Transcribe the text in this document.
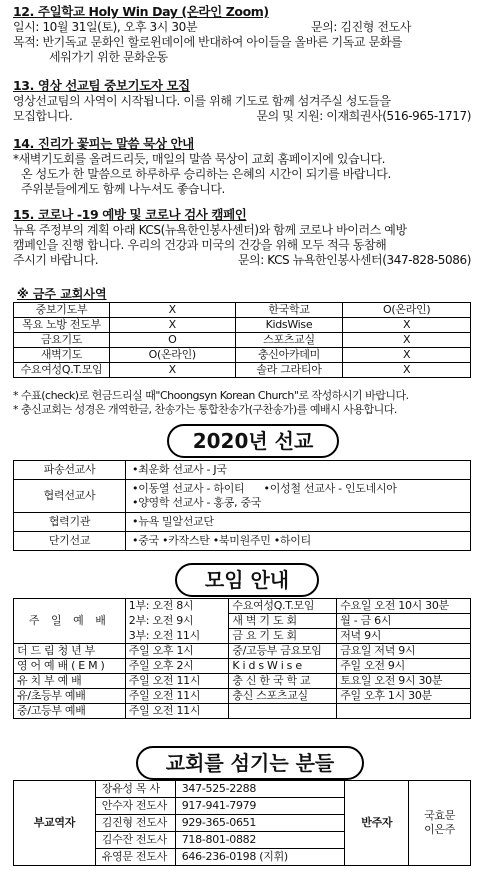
12. 주일학교 Holy Win Day (온라인 Zoom)
일시: 10월 31일(토), 오후 3시 30분	문의: 김진형 전도사
목적: 반기독교 문화인 할로윈데이에 반대하여 아이들을 올바른 기독교 문화를
세워가기 위한 문화운동
13. 영상 선교팀 중보기도자 모집
영상선교팀의 사역이 시작됩니다. 이를 위해 기도로 함께 섬겨주실 성도들을
모집합니다.	문의 및 지원: 이재희권사(516-965-1717)
14. 진리가 꽃피는 말씀 묵상 안내
*새벽기도회를 올려드리듯, 매일의 말씀 묵상이 교회 홈페이지에 있습니다.
온 성도가 한 말씀으로 하루하루 승리하는 은혜의 시간이 되기를 바랍니다.
주위분들에게도 함께 나누셔도 좋습니다.
15. 코로나 -19 예방 및 코로나 검사 캠페인
뉴욕 주정부의 계획 아래 KCS(뉴욕한인봉사센터)와 함께 코로나 바이러스 예방
캠페인을 진행 합니다. 우리의 건강과 미국의 건강을 위해 모두 적극 동참해
주시기 바랍니다.	문의: KCS 뉴욕한인봉사센터(347-828-5086)
※ 금주 교회사역
중보기도부	X	한국학교	O(온라인)
목요 노방 전도부	X	KidsWise	X
금요기도	O	스포츠교실	X
새벽기도	O(온라인)	충신아카데미	X
수요여성Q.T.모임	X	솔라 그라티아	X
* 수표(check)로 헌금드리실 때"Choongsyn Korean Church"로 작성하시기 바랍니다.
* 충신교회는 성경은 개역한글, 찬송가는 통합찬송가(구찬송가)를 예배시 사용합니다.
2020년 선교
파송선교사	•최운화 선교사 - J국

협력선교사	•이동열 선교사 - 하이티      •이성철 선교사 - 인도네시아
•양영학 선교사 - 홍콩, 중국

협력기관	•뉴욕 밀알선교단

단기선교	•중국 •카작스탄 •북미원주민 •하이티
모임 안내
주 일 예 배	1부: 오전 8시	수요여성Q.T.모임	수요일 오전 10시 30분
	2부: 오전 9시	새 벽 기 도 회	월 - 금 6시
	3부: 오전 11시	금 요 기 도 회	저녁 9시
더 드 림 청 년 부	주일 오후 1시	중/고등부 금요모임	금요일 저녁 9시
영 어 예 배 ( E M )	주일 오후 2시	K i d s W i s e	주일 오전 9시
유 치 부 예 배	주일 오전 11시	충 신 한 국 학 교	토요일 오전 9시 30분
유/초등부 예배	주일 오전 11시	충신 스포츠교실	주일 오후 1시 30분
중/고등부 예배	주일 오전 11시		
교회를 섬기는 분들
부교역자	장유성 목 사	347-525-2288	반주자	국효문
이은주

	안수자 전도사	917-941-7979		
	김진형 전도사	929-365-0651		
	김수잔 전도사	718-801-0882		
	유영문 전도사	646-236-0198 (지휘)		
